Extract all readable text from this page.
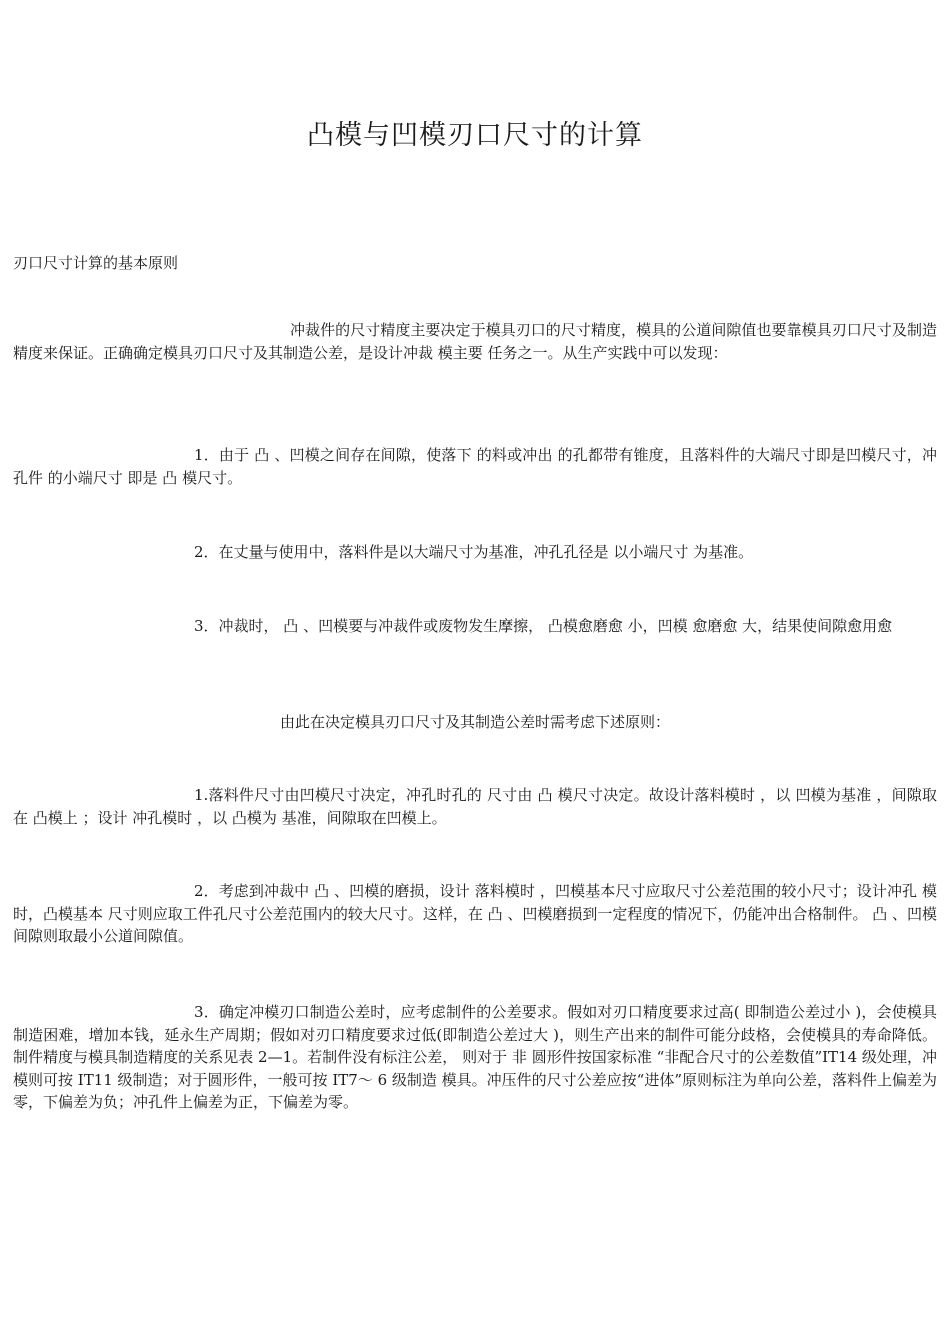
凸模与凹模刃口尺寸的计算
刃口尺寸计算的基本原则

冲裁件的尺寸精度主要决定于模具刃口的尺寸精度，模具的公道间隙值也要靠模具刃口尺寸及制造精度来保证。正确确定模具刃口尺寸及其制造公差，是设计冲裁 模主要 任务之一。从生产实践中可以发现：

1．由于 凸 、凹模之间存在间隙，使落下 的料或冲出 的孔都带有锥度，且落料件的大端尺寸即是凹模尺寸，冲孔件 的小端尺寸 即是 凸 模尺寸。

2．在丈量与使用中，落料件是以大端尺寸为基准，冲孔孔径是 以小端尺寸 为基准。

3．冲裁时， 凸 、凹模要与冲裁件或废物发生摩擦， 凸模愈磨愈 小，凹模 愈磨愈 大，结果使间隙愈用愈

由此在决定模具刃口尺寸及其制造公差时需考虑下述原则：

1.落料件尺寸由凹模尺寸决定，冲孔时孔的 尺寸由 凸 模尺寸决定。故设计落料模时 ，以 凹模为基准 ，间隙取在 凸模上 ；设计 冲孔模时 ，以 凸模为 基准，间隙取在凹模上。

2．考虑到冲裁中 凸 、凹模的磨损，设计 落料模时 ，凹模基本尺寸应取尺寸公差范围的较小尺寸；设计冲孔 模时，凸模基本 尺寸则应取工件孔尺寸公差范围内的较大尺寸。这样，在 凸 、凹模磨损到一定程度的情况下，仍能冲出合格制件。 凸 、凹模间隙则取最小公道间隙值。

3．确定冲模刃口制造公差时，应考虑制件的公差要求。假如对刃口精度要求过高( 即制造公差过小 )，会使模具制造困难，增加本钱，延永生产周期；假如对刃口精度要求过低(即制造公差过大 )，则生产出来的制件可能分歧格，会使模具的寿命降低。制件精度与模具制造精度的关系见表 2—1。若制件没有标注公差， 则对于 非 圆形件按国家标准 “非配合尺寸的公差数值”IT14 级处理，冲模则可按 IT11 级制造；对于圆形件，一般可按 IT7～ 6 级制造 模具。冲压件的尺寸公差应按“进体”原则标注为单向公差，落料件上偏差为零，下偏差为负；冲孔件上偏差为正，下偏差为零。
